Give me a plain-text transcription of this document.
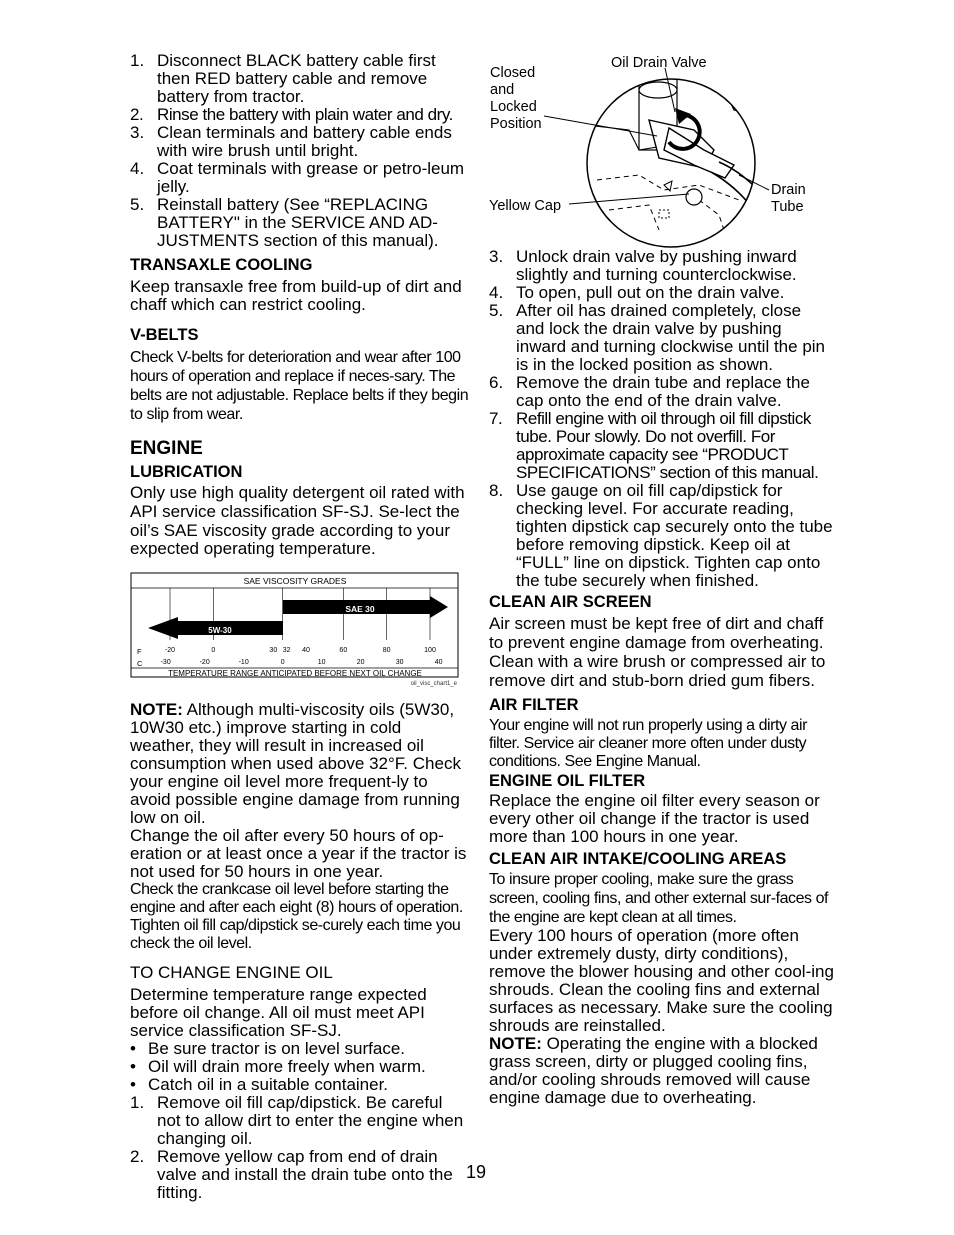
1. Disconnect BLACK battery cable first then RED battery cable and remove battery from tractor.
2. Rinse the battery with plain water and dry.
3. Clean terminals and battery cable ends with wire brush until bright.
4. Coat terminals with grease or petro-leum jelly.
5. Reinstall battery (See “REPLACING BATTERY" in the SERVICE AND AD-JUSTMENTS section of this manual).
TRANSAXLE COOLING

Keep transaxle free from build-up of dirt and chaff which can restrict cooling.

V-BELTS

Check V-belts for deterioration and wear after 100 hours of operation and replace if neces-sary. The belts are not adjustable. Replace belts if they begin to slip from wear.

ENGINE
LUBRICATION

Only use high quality detergent oil rated with API service classification SF-SJ. Se-lect the oil’s SAE viscosity grade according to your expected operating temperature.

SAE VISCOSITY GRADES
5W-30
SAE 30
F
C
-20	0	30 32 40	60	80	100
-30	-20	-10	0	10	20	30	40
TEMPERATURE RANGE ANTICIPATED BEFORE NEXT OIL CHANGE
oil_visc_chart1_e

NOTE: Although multi-viscosity oils (5W30, 10W30 etc.) improve starting in cold weather, they will result in increased oil consumption when used above 32°F. Check your engine oil level more frequent-ly to avoid possible engine damage from running low on oil.

Change the oil after every 50 hours of op-eration or at least once a year if the tractor is not used for 50 hours in one year.

Check the crankcase oil level before starting the engine and after each eight (8) hours of operation. Tighten oil fill cap/dipstick se-curely each time you check the oil level.

TO CHANGE ENGINE OIL

Determine temperature range expected before oil change. All oil must meet API service classification SF-SJ.

• Be sure tractor is on level surface.
• Oil will drain more freely when warm.
• Catch oil in a suitable container.
1. Remove oil fill cap/dipstick. Be careful not to allow dirt to enter the engine when changing oil.
2. Remove yellow cap from end of drain valve and install the drain tube onto the fitting.
Closed and Locked Position
Oil Drain Valve
Yellow Cap
Drain Tube
3. Unlock drain valve by pushing inward slightly and turning counterclockwise.
4. To open, pull out on the drain valve.
5. After oil has drained completely, close and lock the drain valve by pushing inward and turning clockwise until the pin is in the locked position as shown.
6. Remove the drain tube and replace the cap onto the end of the drain valve.
7. Refill engine with oil through oil fill dipstick tube. Pour slowly. Do not overfill. For approximate capacity see “PRODUCT SPECIFICATIONS” section of this manual.
8. Use gauge on oil fill cap/dipstick for checking level. For accurate reading, tighten dipstick cap securely onto the tube before removing dipstick. Keep oil at “FULL” line on dipstick. Tighten cap onto the tube securely when finished.
CLEAN AIR SCREEN

Air screen must be kept free of dirt and chaff to prevent engine damage from overheating. Clean with a wire brush or compressed air to remove dirt and stub-born dried gum fibers.

AIR FILTER

Your engine will not run properly using a dirty air filter. Service air cleaner more often under dusty conditions. See Engine Manual.

ENGINE OIL FILTER

Replace the engine oil filter every season or every other oil change if the tractor is used more than 100 hours in one year.

CLEAN AIR INTAKE/COOLING AREAS

To insure proper cooling, make sure the grass screen, cooling fins, and other external sur-faces of the engine are kept clean at all times.

Every 100 hours of operation (more often under extremely dusty, dirty conditions), remove the blower housing and other cool-ing shrouds. Clean the cooling fins and external surfaces as necessary. Make sure the cooling shrouds are reinstalled.

NOTE: Operating the engine with a blocked grass screen, dirty or plugged cooling fins, and/or cooling shrouds removed will cause engine damage due to overheating.

19
